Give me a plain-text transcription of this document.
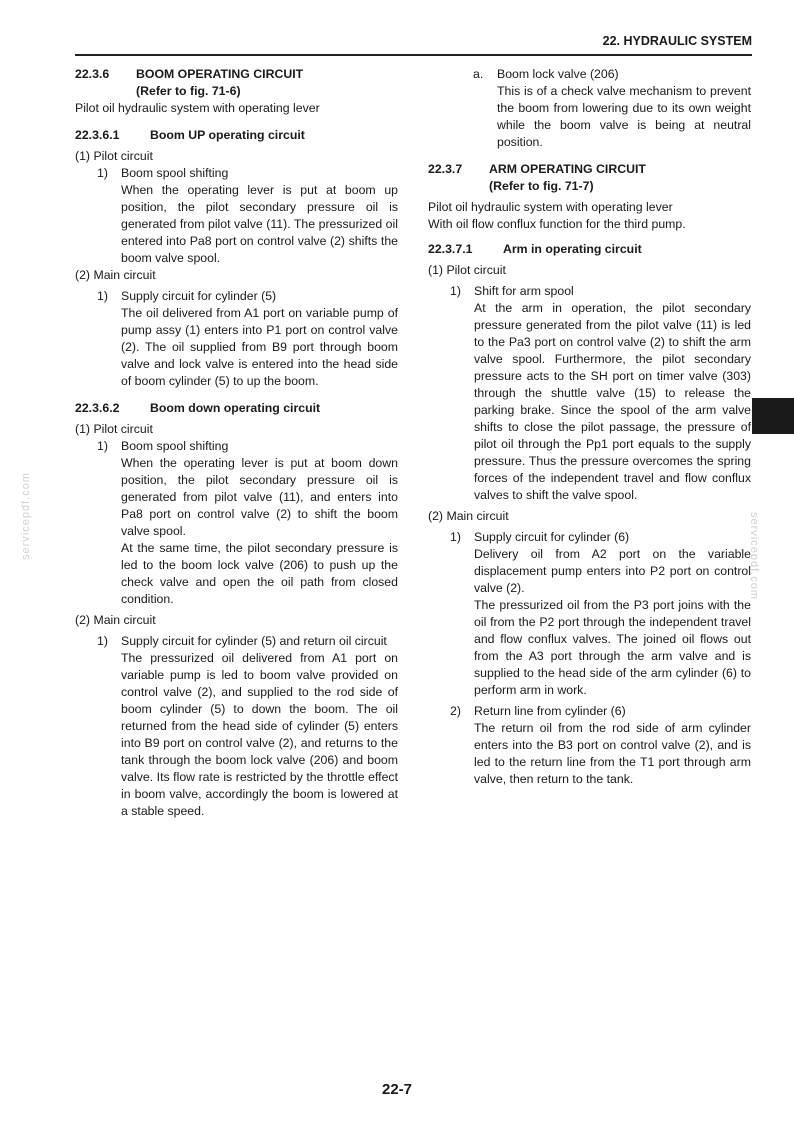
22. HYDRAULIC SYSTEM
22.3.6	BOOM OPERATING CIRCUIT
(Refer to fig. 71-6)
Pilot oil hydraulic system with operating lever
22.3.6.1	Boom UP operating circuit
(1) Pilot circuit
1)	Boom spool shifting
When the operating lever is put at boom up position, the pilot secondary pressure oil is generated from pilot valve (11). The pressurized oil entered into Pa8 port on control valve (2) shifts the boom valve spool.
(2) Main circuit
1)	Supply circuit for cylinder (5)
The oil delivered from A1 port on variable pump of pump assy (1) enters into P1 port on control valve (2). The oil supplied from B9 port through boom valve and lock valve is entered into the head side of boom cylinder (5) to up the boom.
22.3.6.2	Boom down operating circuit
(1) Pilot circuit
1)	Boom spool shifting
When the operating lever is put at boom down position, the pilot secondary pressure oil is generated from pilot valve (11), and enters into Pa8 port on control valve (2) to shift the boom valve spool.
At the same time, the pilot secondary pressure is led to the boom lock valve (206) to push up the check valve and open the oil path from closed condition.
(2) Main circuit
1)	Supply circuit for cylinder (5) and return oil circuit
The pressurized oil delivered from A1 port on variable pump is led to boom valve provided on control valve (2), and supplied to the rod side of boom cylinder (5) to down the boom. The oil returned from the head side of cylinder (5) enters into B9 port on control valve (2), and returns to the tank through the boom lock valve (206) and boom valve. Its flow rate is restricted by the throttle effect in boom valve, accordingly the boom is lowered at a stable speed.
a.	Boom lock valve (206)
This is of a check valve mechanism to prevent the boom from lowering due to its own weight while the boom valve is being at neutral position.
22.3.7	ARM OPERATING CIRCUIT
(Refer to fig. 71-7)
Pilot oil hydraulic system with operating lever
With oil flow conflux function for the third pump.
22.3.7.1	Arm in operating circuit
(1) Pilot circuit
1)	Shift for arm spool
At the arm in operation, the pilot secondary pressure generated from the pilot valve (11) is led to the Pa3 port on control valve (2) to shift the arm valve spool. Furthermore, the pilot secondary pressure acts to the SH port on timer valve (303) through the shuttle valve (15) to release the parking brake. Since the spool of the arm valve shifts to close the pilot passage, the pressure of pilot oil through the Pp1 port equals to the supply pressure. Thus the pressure overcomes the spring forces of the independent travel and flow conflux valves to shift the valve spool.
(2) Main circuit
1)	Supply circuit for cylinder (6)
Delivery oil from A2 port on the variable displacement pump enters into P2 port on control valve (2).
The pressurized oil from the P3 port joins with the oil from the P2 port through the independent travel and flow conflux valves. The joined oil flows out from the A3 port through the arm valve and is supplied to the head side of the arm cylinder (6) to perform arm in work.
2)	Return line from cylinder (6)
The return oil from the rod side of arm cylinder enters into the B3 port on control valve (2), and is led to the return line from the T1 port through arm valve, then return to the tank.
servicepdf.com	servicepdf.com
22-7
